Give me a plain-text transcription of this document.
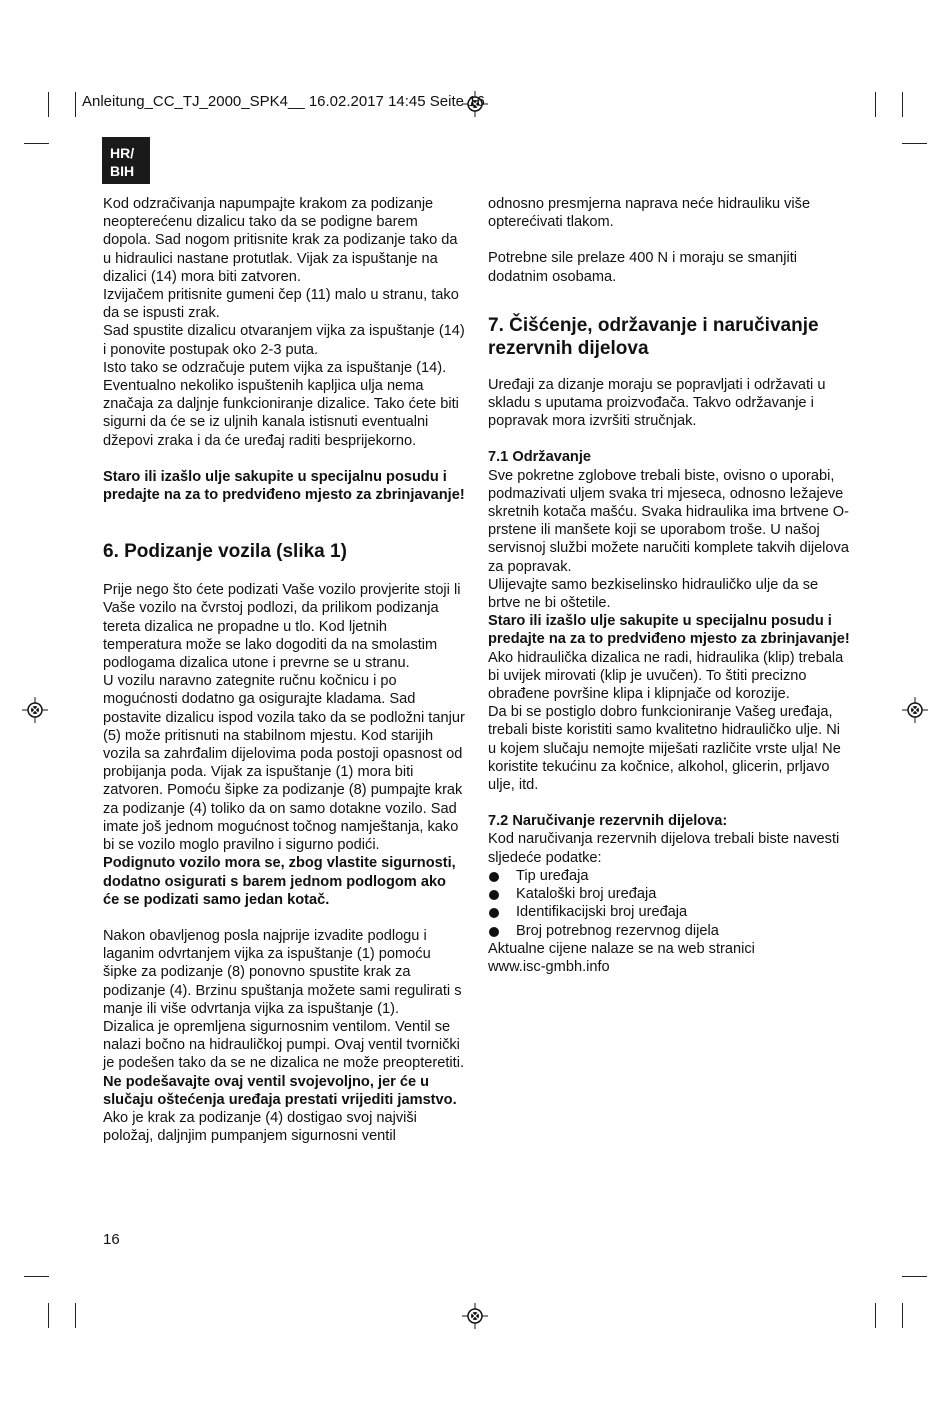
Anleitung_CC_TJ_2000_SPK4__ 16.02.2017 14:45 Seite 16
HR/
BIH

Kod odzračivanja napumpajte krakom za podizanje neopterećenu dizalicu tako da se podigne barem dopola. Sad nogom pritisnite krak za podizanje tako da u hidraulici nastane protutlak. Vijak za ispuštanje na dizalici (14) mora biti zatvoren.

Izvijačem pritisnite gumeni čep (11) malo u stranu, tako da se ispusti zrak.

Sad spustite dizalicu otvaranjem vijka za ispuštanje (14) i ponovite postupak oko 2-3 puta.

Isto tako se odzračuje putem vijka za ispuštanje (14). Eventualno nekoliko ispuštenih kapljica ulja nema značaja za daljnje funkcioniranje dizalice. Tako ćete biti sigurni da će se iz uljnih kanala istisnuti eventualni džepovi zraka i da će uređaj raditi besprijekorno.

Staro ili izašlo ulje sakupite u specijalnu posudu i predajte na za to predviđeno mjesto za zbrinjavanje!

6. Podizanje vozila (slika 1)

Prije nego što ćete podizati Vaše vozilo provjerite stoji li Vaše vozilo na čvrstoj podlozi, da prilikom podizanja tereta dizalica ne propadne u tlo. Kod ljetnih temperatura može se lako dogoditi da na smolastim podlogama dizalica utone i prevrne se u stranu.

U vozilu naravno zategnite ručnu kočnicu i po mogućnosti dodatno ga osigurajte kladama. Sad postavite dizalicu ispod vozila tako da se podložni tanjur (5) može pritisnuti na stabilnom mjestu. Kod starijih vozila sa zahrđalim dijelovima poda postoji opasnost od probijanja poda. Vijak za ispuštanje (1) mora biti zatvoren. Pomoću šipke za podizanje (8) pumpajte krak za podizanje (4) toliko da on samo dotakne vozilo. Sad imate još jednom mogućnost točnog namještanja, kako bi se vozilo moglo pravilno i sigurno podići.

Podignuto vozilo mora se, zbog vlastite sigurnosti, dodatno osigurati s barem jednom podlogom ako će se podizati samo jedan kotač.

Nakon obavljenog posla najprije izvadite podlogu i laganim odvrtanjem vijka za ispuštanje (1) pomoću šipke za podizanje (8) ponovno spustite krak za podizanje (4). Brzinu spuštanja možete sami regulirati s manje ili više odvrtanja vijka za ispuštanje (1).

Dizalica je opremljena sigurnosnim ventilom. Ventil se nalazi bočno na hidrauličkoj pumpi. Ovaj ventil tvornički je podešen tako da se ne dizalica ne može preopteretiti.

Ne podešavajte ovaj ventil svojevoljno, jer će u slučaju oštećenja uređaja prestati vrijediti jamstvo.

Ako je krak za podizanje (4) dostigao svoj najviši položaj, daljnjim pumpanjem sigurnosni ventil

odnosno presmjerna naprava neće hidrauliku više opterećivati tlakom.

Potrebne sile prelaze 400 N i moraju se smanjiti dodatnim osobama.

7. Čišćenje, održavanje i naručivanje rezervnih dijelova

Uređaji za dizanje moraju se popravljati i održavati u skladu s uputama proizvođača. Takvo održavanje i popravak mora izvršiti stručnjak.

7.1 Održavanje

Sve pokretne zglobove trebali biste, ovisno o uporabi, podmazivati uljem svaka tri mjeseca, odnosno ležajeve skretnih kotača mašću. Svaka hidraulika ima brtvene O-prstene ili manšete koji se uporabom troše. U našoj servisnoj službi možete naručiti komplete takvih dijelova za popravak.

Ulijevajte samo bezkiselinsko hidrauličko ulje da se brtve ne bi oštetile.

Staro ili izašlo ulje sakupite u specijalnu posudu i predajte na za to predviđeno mjesto za zbrinjavanje!

Ako hidraulička dizalica ne radi, hidraulika (klip) trebala bi uvijek mirovati (klip je uvučen). To štiti precizno obrađene površine klipa i klipnjače od korozije.

Da bi se postiglo dobro funkcioniranje Vašeg uređaja, trebali biste koristiti samo kvalitetno hidrauličko ulje. Ni u kojem slučaju nemojte miješati različite vrste ulja! Ne koristite tekućinu za kočnice, alkohol, glicerin, prljavo ulje, itd.

7.2 Naručivanje rezervnih dijelova:

Kod naručivanja rezervnih dijelova trebali biste navesti sljedeće podatke:

Tip uređaja
Kataloški broj uređaja
Identifikacijski broj uređaja
Broj potrebnog rezervnog dijela

Aktualne cijene nalaze se na web stranici

www.isc-gmbh.info

16
